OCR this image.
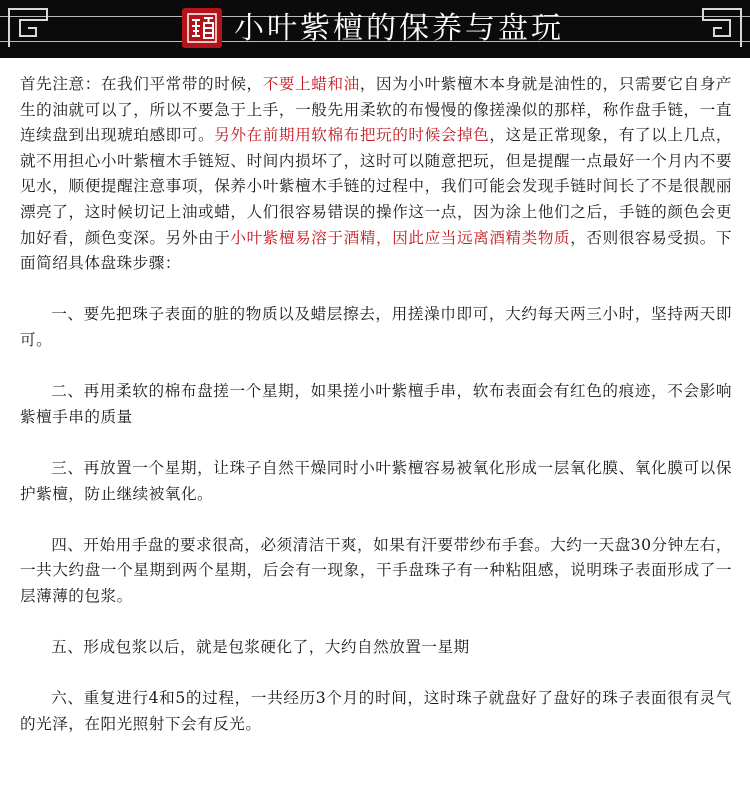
小叶紫檀的保养与盘玩

首先注意：在我们平常带的时候，不要上蜡和油，因为小叶紫檀木本身就是油性的，只需要它自身产生的油就可以了，所以不要急于上手，一般先用柔软的布慢慢的像搓澡似的那样，称作盘手链，一直连续盘到出现琥珀感即可。另外在前期用软棉布把玩的时候会掉色，这是正常现象，有了以上几点，就不用担心小叶紫檀木手链短、时间内损坏了，这时可以随意把玩，但是提醒一点最好一个月内不要见水，顺便提醒注意事项，保养小叶紫檀木手链的过程中，我们可能会发现手链时间长了不是很靓丽漂亮了，这时候切记上油或蜡，人们很容易错误的操作这一点，因为涂上他们之后，手链的颜色会更加好看，颜色变深。另外由于小叶紫檀易溶于酒精，因此应当远离酒精类物质，否则很容易受损。下面简绍具体盘珠步骤：

一、要先把珠子表面的脏的物质以及蜡层擦去，用搓澡巾即可，大约每天两三小时，坚持两天即可。

二、再用柔软的棉布盘搓一个星期，如果搓小叶紫檀手串，软布表面会有红色的痕迹，不会影响紫檀手串的质量

三、再放置一个星期，让珠子自然干燥同时小叶紫檀容易被氧化形成一层氧化膜、氧化膜可以保护紫檀，防止继续被氧化。

四、开始用手盘的要求很高，必须清洁干爽，如果有汗要带纱布手套。大约一天盘30分钟左右，一共大约盘一个星期到两个星期，后会有一现象，干手盘珠子有一种粘阻感，说明珠子表面形成了一层薄薄的包浆。

五、形成包浆以后，就是包浆硬化了，大约自然放置一星期

六、重复进行4和5的过程，一共经历3个月的时间，这时珠子就盘好了盘好的珠子表面很有灵气的光泽，在阳光照射下会有反光。
